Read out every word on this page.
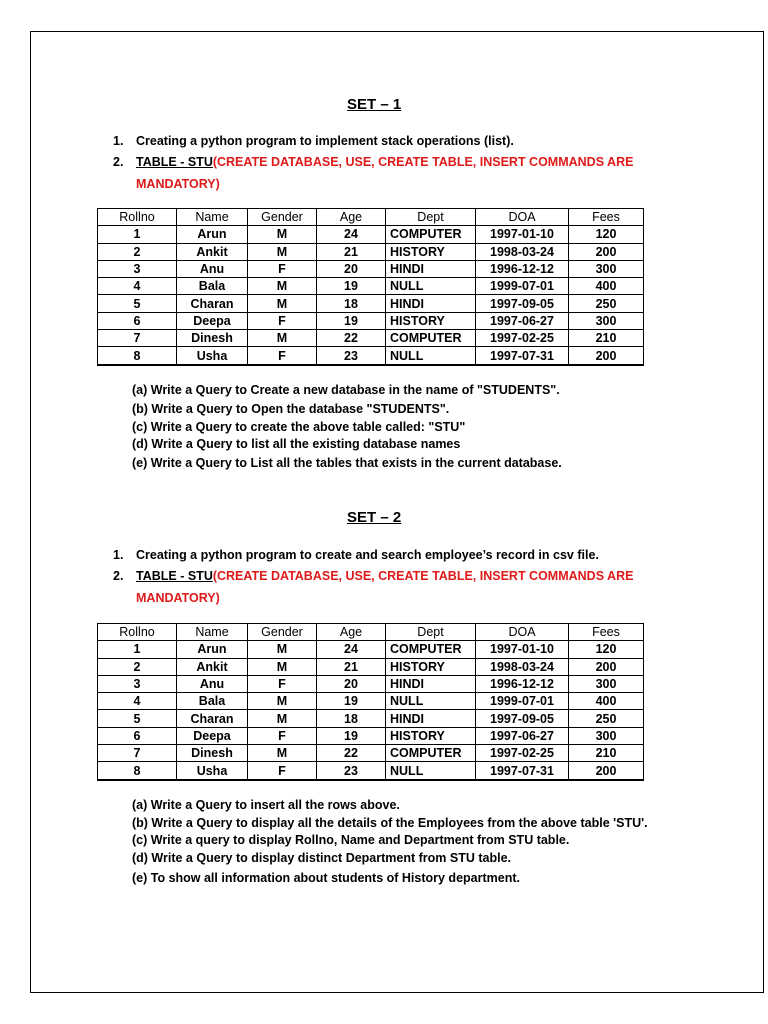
SET – 1
1. Creating a python program to implement stack operations (list).
2. TABLE - STU(CREATE DATABASE, USE, CREATE TABLE, INSERT COMMANDS ARE
MANDATORY)
Rollno	Name	Gender	Age	Dept	DOA	Fees
1	Arun	M	24	COMPUTER	1997-01-10	120
2	Ankit	M	21	HISTORY	1998-03-24	200
3	Anu	F	20	HINDI	1996-12-12	300
4	Bala	M	19	NULL	1999-07-01	400
5	Charan	M	18	HINDI	1997-09-05	250
6	Deepa	F	19	HISTORY	1997-06-27	300
7	Dinesh	M	22	COMPUTER	1997-02-25	210
8	Usha	F	23	NULL	1997-07-31	200
(a) Write a Query to Create a new database in the name of "STUDENTS".
(b) Write a Query to Open the database "STUDENTS".
(c) Write a Query to create the above table called: "STU"
(d) Write a Query to list all the existing database names
(e) Write a Query to List all the tables that exists in the current database.
SET – 2
1. Creating a python program to create and search employee’s record in csv file.
2. TABLE - STU(CREATE DATABASE, USE, CREATE TABLE, INSERT COMMANDS ARE
MANDATORY)
Rollno	Name	Gender	Age	Dept	DOA	Fees
1	Arun	M	24	COMPUTER	1997-01-10	120
2	Ankit	M	21	HISTORY	1998-03-24	200
3	Anu	F	20	HINDI	1996-12-12	300
4	Bala	M	19	NULL	1999-07-01	400
5	Charan	M	18	HINDI	1997-09-05	250
6	Deepa	F	19	HISTORY	1997-06-27	300
7	Dinesh	M	22	COMPUTER	1997-02-25	210
8	Usha	F	23	NULL	1997-07-31	200
(a) Write a Query to insert all the rows above.
(b) Write a Query to display all the details of the Employees from the above table 'STU'.
(c) Write a query to display Rollno, Name and Department from STU table.
(d) Write a Query to display distinct Department from STU table.
(e) To show all information about students of History department.
